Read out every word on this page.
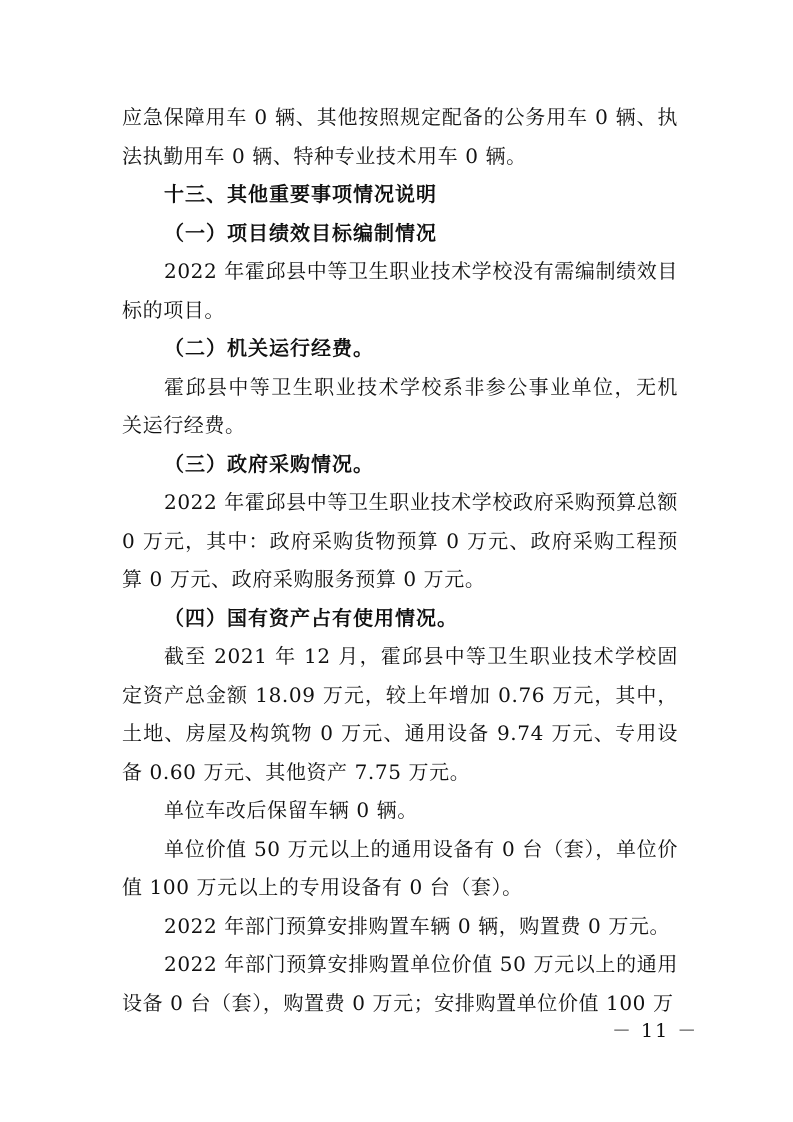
应急保障用车 0 辆、其他按照规定配备的公务用车 0 辆、执法执勤用车 0 辆、特种专业技术用车 0 辆。

十三、其他重要事项情况说明

（一）项目绩效目标编制情况

2022 年霍邱县中等卫生职业技术学校没有需编制绩效目标的项目。

（二）机关运行经费。

霍邱县中等卫生职业技术学校系非参公事业单位，无机关运行经费。

（三）政府采购情况。

2022 年霍邱县中等卫生职业技术学校政府采购预算总额 0 万元，其中：政府采购货物预算 0 万元、政府采购工程预算 0 万元、政府采购服务预算 0 万元。

（四）国有资产占有使用情况。

截至 2021 年 12 月，霍邱县中等卫生职业技术学校固定资产总金额 18.09 万元，较上年增加 0.76 万元，其中，土地、房屋及构筑物 0 万元、通用设备 9.74 万元、专用设备 0.60 万元、其他资产 7.75 万元。

单位车改后保留车辆 0 辆。

单位价值 50 万元以上的通用设备有 0 台（套），单位价值 100 万元以上的专用设备有 0 台（套）。

2022 年部门预算安排购置车辆 0 辆，购置费 0 万元。

2022 年部门预算安排购置单位价值 50 万元以上的通用设备 0 台（套），购置费 0 万元；安排购置单位价值 100 万

－ 11 －
